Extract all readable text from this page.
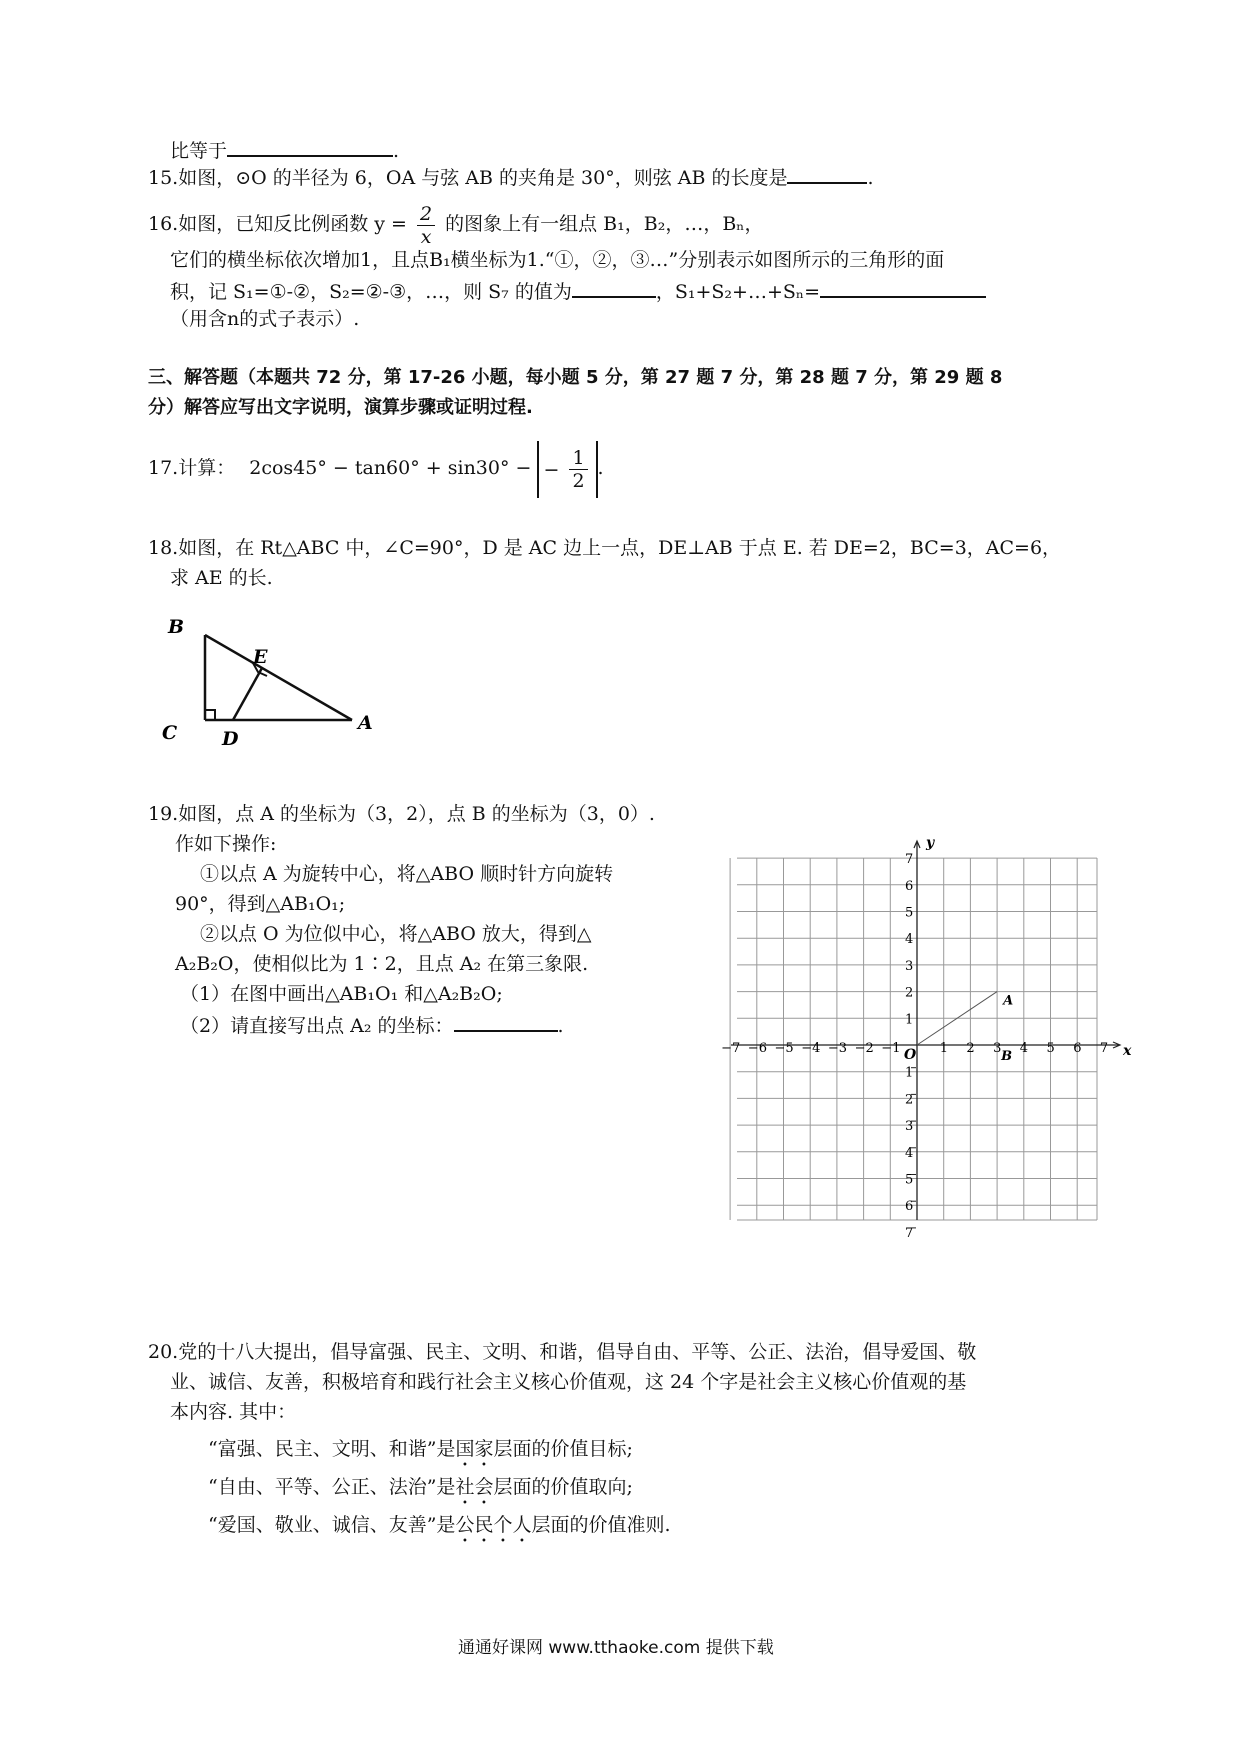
比等于	.
15.如图，⊙O 的半径为 6，OA 与弦 AB 的夹角是 30°，则弦 AB 的长度是	.
16.如图，已知反比例函数 $y = \frac{2}{x}$ 的图象上有一组点 B₁，B₂，…，Bₙ，
它们的横坐标依次增加1，且点B₁横坐标为1.“①，②，③…”分别表示如图所示的三角形的面
积，记 S₁=①-②，S₂=②-③，…，则 S₇ 的值为	，S₁+S₂+…+Sₙ=
（用含n的式子表示）.
三、解答题（本题共 72 分，第 17-26 小题，每小题 5 分，第 27 题 7 分，第 28 题 7 分，第 29 题 8
分）解答应写出文字说明，演算步骤或证明过程.
17.计算： 2cos45° − tan60° + sin30° − − $\frac{1}{2}$ .
18.如图，在 Rt△ABC 中，∠C=90°，D 是 AC 边上一点，DE⊥AB 于点 E. 若 DE=2，BC=3，AC=6，
求 AE 的长.
B
E
C D
A
19.如图，点 A 的坐标为（3，2），点 B 的坐标为（3，0）.
作如下操作:
①以点 A 为旋转中心，将△ABO 顺时针方向旋转
90°，得到△AB₁O₁;
②以点 O 为位似中心，将△ABO 放大，得到△
A₂B₂O，使相似比为 1∶2，且点 A₂ 在第三象限.
（1）在图中画出△AB₁O₁ 和△A₂B₂O;
（2）请直接写出点 A₂ 的坐标：	.
y
x
−7 −6 −5 −4 −3 −2 −1	1 2 3 4 5 6 7
1
2
3
4
5
6
7
1
2
3
4
5
6
7
O
A
B
20.党的十八大提出，倡导富强、民主、文明、和谐，倡导自由、平等、公正、法治，倡导爱国、敬
业、诚信、友善，积极培育和践行社会主义核心价值观，这 24 个字是社会主义核心价值观的基
本内容. 其中：
“富强、民主、文明、和谐”是国家层面的价值目标;
“自由、平等、公正、法治”是社会层面的价值取向;
“爱国、敬业、诚信、友善”是公民个人层面的价值准则.
通通好课网 www.tthaoke.com 提供下载
